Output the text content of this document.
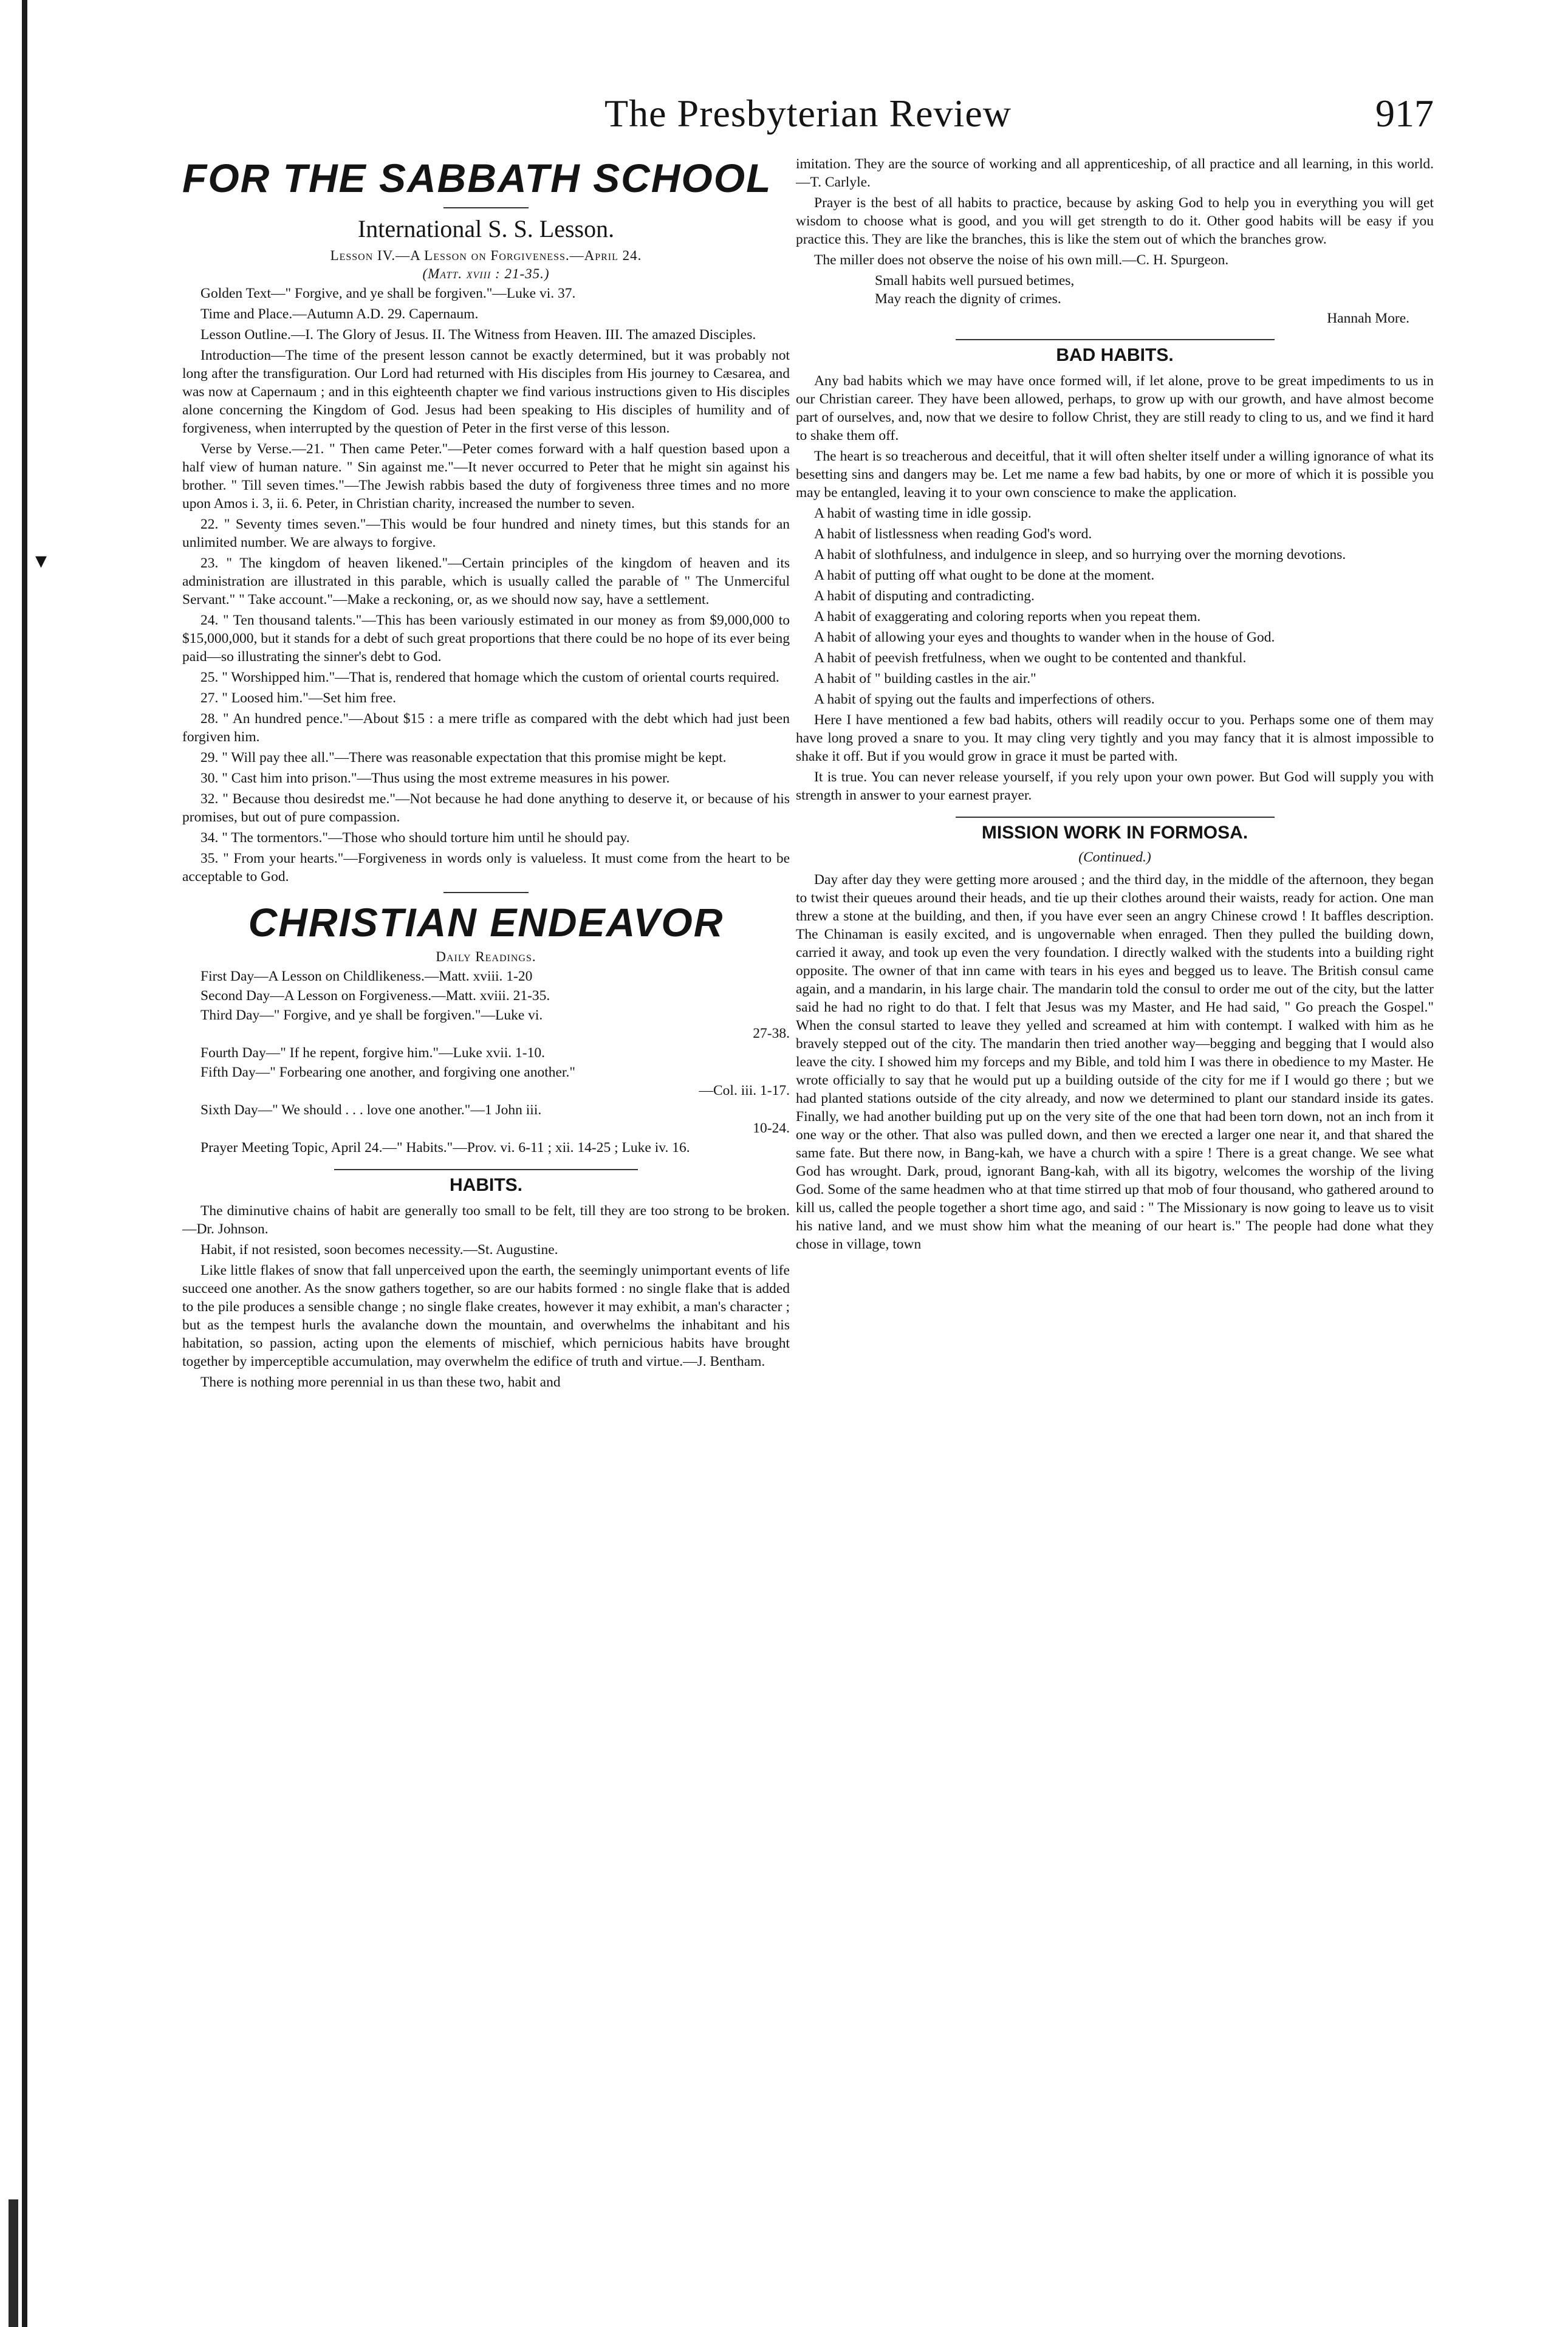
▾
The Presbyterian Review	917
FOR THE SABBATH SCHOOL
International S. S. Lesson.
Lesson IV.—A Lesson on Forgiveness.—April 24.
(Matt. xviii : 21-35.)

Golden Text—" Forgive, and ye shall be forgiven."—Luke vi. 37.

Time and Place.—Autumn A.D. 29. Capernaum.

Lesson Outline.—I. The Glory of Jesus. II. The Witness from Heaven. III. The amazed Disciples.

Introduction—The time of the present lesson cannot be exactly determined, but it was probably not long after the transfiguration. Our Lord had returned with His disciples from His journey to Cæsarea, and was now at Capernaum ; and in this eighteenth chapter we find various instructions given to His disciples alone concerning the Kingdom of God. Jesus had been speaking to His disciples of humility and of forgiveness, when interrupted by the question of Peter in the first verse of this lesson.

Verse by Verse.—21. " Then came Peter."—Peter comes forward with a half question based upon a half view of human nature. " Sin against me."—It never occurred to Peter that he might sin against his brother. " Till seven times."—The Jewish rabbis based the duty of forgiveness three times and no more upon Amos i. 3, ii. 6. Peter, in Christian charity, increased the number to seven.

22. " Seventy times seven."—This would be four hundred and ninety times, but this stands for an unlimited number. We are always to forgive.

23. " The kingdom of heaven likened."—Certain principles of the kingdom of heaven and its administration are illustrated in this parable, which is usually called the parable of " The Unmerciful Servant." " Take account."—Make a reckoning, or, as we should now say, have a settlement.

24. " Ten thousand talents."—This has been variously estimated in our money as from $9,000,000 to $15,000,000, but it stands for a debt of such great proportions that there could be no hope of its ever being paid—so illustrating the sinner's debt to God.

25. " Worshipped him."—That is, rendered that homage which the custom of oriental courts required.

27. " Loosed him."—Set him free.

28. " An hundred pence."—About $15 : a mere trifle as compared with the debt which had just been forgiven him.

29. " Will pay thee all."—There was reasonable expectation that this promise might be kept.

30. " Cast him into prison."—Thus using the most extreme measures in his power.

32. " Because thou desiredst me."—Not because he had done anything to deserve it, or because of his promises, but out of pure compassion.

34. " The tormentors."—Those who should torture him until he should pay.

35. " From your hearts."—Forgiveness in words only is valueless. It must come from the heart to be acceptable to God.

CHRISTIAN ENDEAVOR
Daily Readings.
First Day—A Lesson on Childlikeness.—Matt. xviii. 1-20
Second Day—A Lesson on Forgiveness.—Matt. xviii. 21-35.
Third Day—" Forgive, and ye shall be forgiven."—Luke vi.
27-38.
Fourth Day—" If he repent, forgive him."—Luke xvii. 1-10.
Fifth Day—" Forbearing one another, and forgiving one another."
—Col. iii. 1-17.
Sixth Day—" We should . . . love one another."—1 John iii.
10-24.

Prayer Meeting Topic, April 24.—" Habits."—Prov. vi. 6-11 ; xii. 14-25 ; Luke iv. 16.

HABITS.

The diminutive chains of habit are generally too small to be felt, till they are too strong to be broken.—Dr. Johnson.

Habit, if not resisted, soon becomes necessity.—St. Augustine.

Like little flakes of snow that fall unperceived upon the earth, the seemingly unimportant events of life succeed one another. As the snow gathers together, so are our habits formed : no single flake that is added to the pile produces a sensible change ; no single flake creates, however it may exhibit, a man's character ; but as the tempest hurls the avalanche down the mountain, and overwhelms the inhabitant and his habitation, so passion, acting upon the elements of mischief, which pernicious habits have brought together by imperceptible accumulation, may overwhelm the edifice of truth and virtue.—J. Bentham.

There is nothing more perennial in us than these two, habit and

imitation. They are the source of working and all apprenticeship, of all practice and all learning, in this world.—T. Carlyle.

Prayer is the best of all habits to practice, because by asking God to help you in everything you will get wisdom to choose what is good, and you will get strength to do it. Other good habits will be easy if you practice this. They are like the branches, this is like the stem out of which the branches grow.

The miller does not observe the noise of his own mill.—C. H. Spurgeon.

Small habits well pursued betimes,
May reach the dignity of crimes.
Hannah More.
BAD HABITS.

Any bad habits which we may have once formed will, if let alone, prove to be great impediments to us in our Christian career. They have been allowed, perhaps, to grow up with our growth, and have almost become part of ourselves, and, now that we desire to follow Christ, they are still ready to cling to us, and we find it hard to shake them off.

The heart is so treacherous and deceitful, that it will often shelter itself under a willing ignorance of what its besetting sins and dangers may be. Let me name a few bad habits, by one or more of which it is possible you may be entangled, leaving it to your own conscience to make the application.

A habit of wasting time in idle gossip.

A habit of listlessness when reading God's word.

A habit of slothfulness, and indulgence in sleep, and so hurrying over the morning devotions.

A habit of putting off what ought to be done at the moment.

A habit of disputing and contradicting.

A habit of exaggerating and coloring reports when you repeat them.

A habit of allowing your eyes and thoughts to wander when in the house of God.

A habit of peevish fretfulness, when we ought to be contented and thankful.

A habit of " building castles in the air."

A habit of spying out the faults and imperfections of others.

Here I have mentioned a few bad habits, others will readily occur to you. Perhaps some one of them may have long proved a snare to you. It may cling very tightly and you may fancy that it is almost impossible to shake it off. But if you would grow in grace it must be parted with.

It is true. You can never release yourself, if you rely upon your own power. But God will supply you with strength in answer to your earnest prayer.

MISSION WORK IN FORMOSA.
(Continued.)

Day after day they were getting more aroused ; and the third day, in the middle of the afternoon, they began to twist their queues around their heads, and tie up their clothes around their waists, ready for action. One man threw a stone at the building, and then, if you have ever seen an angry Chinese crowd ! It baffles description. The Chinaman is easily excited, and is ungovernable when enraged. Then they pulled the building down, carried it away, and took up even the very foundation. I directly walked with the students into a building right opposite. The owner of that inn came with tears in his eyes and begged us to leave. The British consul came again, and a mandarin, in his large chair. The mandarin told the consul to order me out of the city, but the latter said he had no right to do that. I felt that Jesus was my Master, and He had said, " Go preach the Gospel." When the consul started to leave they yelled and screamed at him with contempt. I walked with him as he bravely stepped out of the city. The mandarin then tried another way—begging and begging that I would also leave the city. I showed him my forceps and my Bible, and told him I was there in obedience to my Master. He wrote officially to say that he would put up a building outside of the city for me if I would go there ; but we had planted stations outside of the city already, and now we determined to plant our standard inside its gates. Finally, we had another building put up on the very site of the one that had been torn down, not an inch from it one way or the other. That also was pulled down, and then we erected a larger one near it, and that shared the same fate. But there now, in Bang-kah, we have a church with a spire ! There is a great change. We see what God has wrought. Dark, proud, ignorant Bang-kah, with all its bigotry, welcomes the worship of the living God. Some of the same headmen who at that time stirred up that mob of four thousand, who gathered around to kill us, called the people together a short time ago, and said : " The Missionary is now going to leave us to visit his native land, and we must show him what the meaning of our heart is." The people had done what they chose in village, town
